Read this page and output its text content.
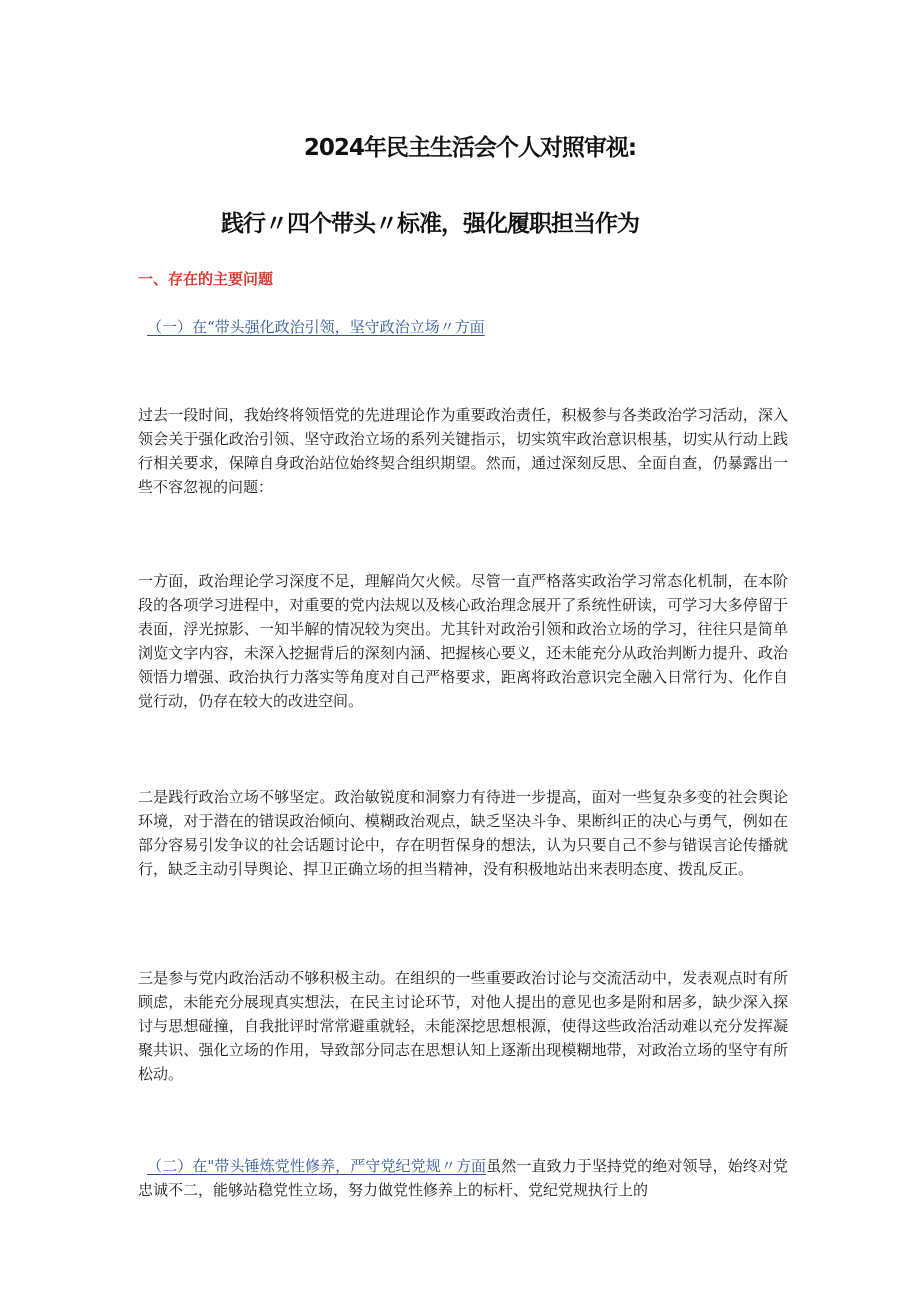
2024年民主生活会个人对照审视:
践行〃四个带头〃标准，强化履职担当作为
一、存在的主要问题

（一）在“带头强化政治引领，坚守政治立场〃方面

过去一段时间，我始终将领悟党的先进理论作为重要政治责任，积极参与各类政治学习活动，深入领会关于强化政治引领、坚守政治立场的系列关键指示，切实筑牢政治意识根基，切实从行动上践行相关要求，保障自身政治站位始终契合组织期望。然而，通过深刻反思、全面自查，仍暴露出一些不容忽视的问题：

一方面，政治理论学习深度不足，理解尚欠火候。尽管一直严格落实政治学习常态化机制，在本阶段的各项学习进程中，对重要的党内法规以及核心政治理念展开了系统性研读，可学习大多停留于表面，浮光掠影、一知半解的情况较为突出。尤其针对政治引领和政治立场的学习，往往只是简单浏览文字内容，未深入挖掘背后的深刻内涵、把握核心要义，还未能充分从政治判断力提升、政治领悟力增强、政治执行力落实等角度对自己严格要求，距离将政治意识完全融入日常行为、化作自觉行动，仍存在较大的改进空间。

二是践行政治立场不够坚定。政治敏锐度和洞察力有待进一步提高，面对一些复杂多变的社会舆论环境，对于潜在的错误政治倾向、模糊政治观点，缺乏坚决斗争、果断纠正的决心与勇气，例如在部分容易引发争议的社会话题讨论中，存在明哲保身的想法，认为只要自己不参与错误言论传播就行，缺乏主动引导舆论、捍卫正确立场的担当精神，没有积极地站出来表明态度、拨乱反正。

三是参与党内政治活动不够积极主动。在组织的一些重要政治讨论与交流活动中，发表观点时有所顾虑，未能充分展现真实想法，在民主讨论环节，对他人提出的意见也多是附和居多，缺少深入探讨与思想碰撞，自我批评时常常避重就轻，未能深挖思想根源，使得这些政治活动难以充分发挥凝聚共识、强化立场的作用，导致部分同志在思想认知上逐渐出现模糊地带，对政治立场的坚守有所松动。

（二）在"带头锤炼党性修养，严守党纪党规〃方面虽然一直致力于坚持党的绝对领导，始终对党忠诚不二，能够站稳党性立场，努力做党性修养上的标杆、党纪党规执行上的
